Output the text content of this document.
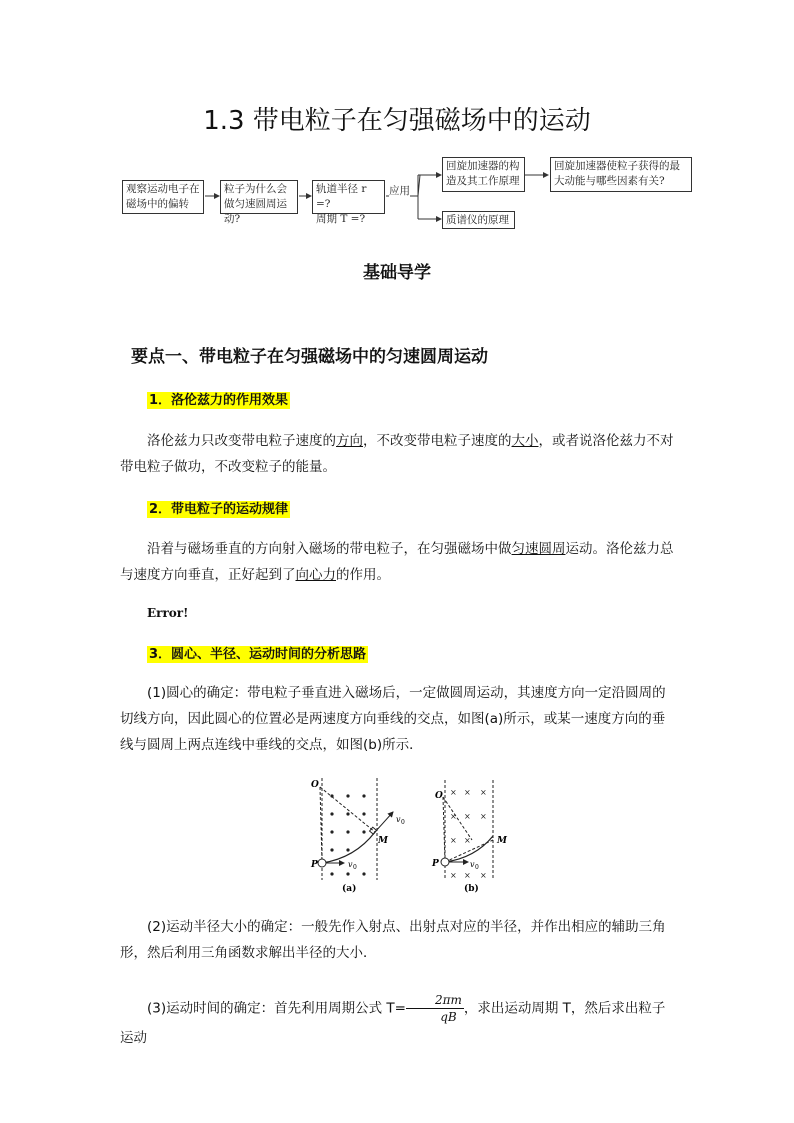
1.3 带电粒子在匀强磁场中的运动
观察运动电子在磁场中的偏转
粒子为什么会做匀速圆周运动?
轨道半径 r =?
周期 T =?
应用
回旋加速器的构造及其工作原理
回旋加速器使粒子获得的最大动能与哪些因素有关?
质谱仪的原理
基础导学
要点一、带电粒子在匀强磁场中的匀速圆周运动
1．洛伦兹力的作用效果
洛伦兹力只改变带电粒子速度的方向，不改变带电粒子速度的大小，或者说洛伦兹力不对带电粒子做功，不改变粒子的能量。
2．带电粒子的运动规律
沿着与磁场垂直的方向射入磁场的带电粒子，在匀强磁场中做匀速圆周运动。洛伦兹力总与速度方向垂直，正好起到了向心力的作用。
Error!
3．圆心、半径、运动时间的分析思路
(1)圆心的确定：带电粒子垂直进入磁场后，一定做圆周运动，其速度方向一定沿圆周的切线方向，因此圆心的位置必是两速度方向垂线的交点，如图(a)所示，或某一速度方向的垂线与圆周上两点连线中垂线的交点，如图(b)所示．
O
P
M
v 0
v 0
(a)
× × ×
× × ×
× ×
× × ×
O
P
M
v 0
(b)
(2)运动半径大小的确定：一般先作入射点、出射点对应的半径，并作出相应的辅助三角形，然后利用三角函数求解出半径的大小．
(3)运动时间的确定：首先利用周期公式 $T= \frac{2\pi m}{qB}$ ，求出运动周期 T，然后求出粒子运动
